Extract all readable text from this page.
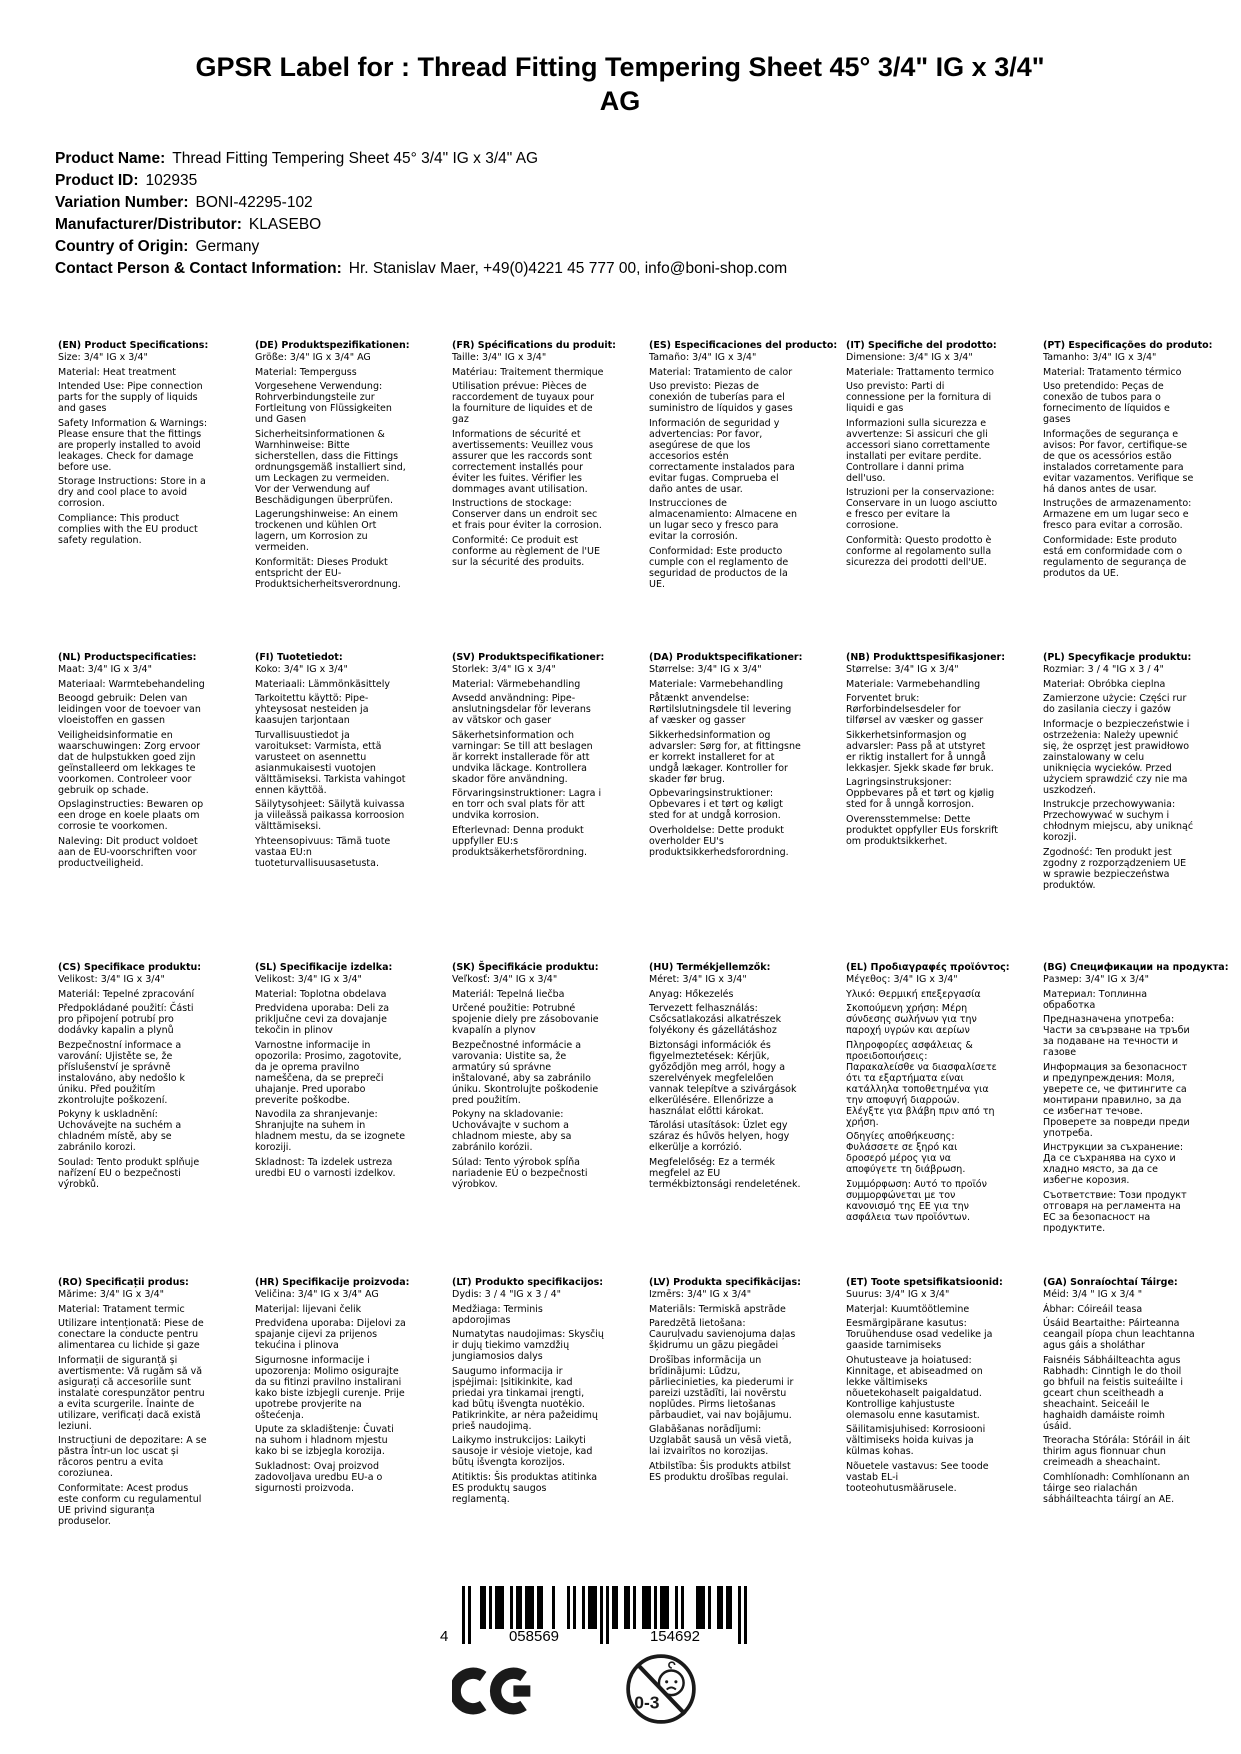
GPSR Label for : Thread Fitting Tempering Sheet 45° 3/4" IG x 3/4"
AG
Product Name: Thread Fitting Tempering Sheet 45° 3/4" IG x 3/4" AG
Product ID: 102935
Variation Number: BONI-42295-102
Manufacturer/Distributor: KLASEBO
Country of Origin: Germany
Contact Person & Contact Information: Hr. Stanislav Maer, +49(0)4221 45 777 00, info@boni-shop.com
(EN) Product Specifications:

Size: 3/4" IG x 3/4"

Material: Heat treatment

Intended Use: Pipe connection parts for the supply of liquids and gases

Safety Information & Warnings: Please ensure that the fittings are properly installed to avoid leakages. Check for damage before use.

Storage Instructions: Store in a dry and cool place to avoid corrosion.

Compliance: This product complies with the EU product safety regulation.

(DE) Produktspezifikationen:

Größe: 3/4" IG x 3/4" AG

Material: Temperguss

Vorgesehene Verwendung: Rohrverbindungsteile zur Fortleitung von Flüssigkeiten und Gasen

Sicherheitsinformationen & Warnhinweise: Bitte sicherstellen, dass die Fittings ordnungsgemäß installiert sind, um Leckagen zu vermeiden. Vor der Verwendung auf Beschädigungen überprüfen.

Lagerungshinweise: An einem trockenen und kühlen Ort lagern, um Korrosion zu vermeiden.

Konformität: Dieses Produkt entspricht der EU-Produktsicherheitsverordnung.

(FR) Spécifications du produit:

Taille: 3/4" IG x 3/4"

Matériau: Traitement thermique

Utilisation prévue: Pièces de raccordement de tuyaux pour la fourniture de liquides et de gaz

Informations de sécurité et avertissements: Veuillez vous assurer que les raccords sont correctement installés pour éviter les fuites. Vérifier les dommages avant utilisation.

Instructions de stockage: Conserver dans un endroit sec et frais pour éviter la corrosion.

Conformité: Ce produit est conforme au règlement de l'UE sur la sécurité des produits.

(ES) Especificaciones del producto:

Tamaño: 3/4" IG x 3/4"

Material: Tratamiento de calor

Uso previsto: Piezas de conexión de tuberías para el suministro de líquidos y gases

Información de seguridad y advertencias: Por favor, asegúrese de que los accesorios estén correctamente instalados para evitar fugas. Comprueba el daño antes de usar.

Instrucciones de almacenamiento: Almacene en un lugar seco y fresco para evitar la corrosión.

Conformidad: Este producto cumple con el reglamento de seguridad de productos de la UE.

(IT) Specifiche del prodotto:

Dimensione: 3/4" IG x 3/4"

Materiale: Trattamento termico

Uso previsto: Parti di connessione per la fornitura di liquidi e gas

Informazioni sulla sicurezza e avvertenze: Si assicuri che gli accessori siano correttamente installati per evitare perdite. Controllare i danni prima dell'uso.

Istruzioni per la conservazione: Conservare in un luogo asciutto e fresco per evitare la corrosione.

Conformità: Questo prodotto è conforme al regolamento sulla sicurezza dei prodotti dell'UE.

(PT) Especificações do produto:

Tamanho: 3/4" IG x 3/4"

Material: Tratamento térmico

Uso pretendido: Peças de conexão de tubos para o fornecimento de líquidos e gases

Informações de segurança e avisos: Por favor, certifique-se de que os acessórios estão instalados corretamente para evitar vazamentos. Verifique se há danos antes de usar.

Instruções de armazenamento: Armazene em um lugar seco e fresco para evitar a corrosão.

Conformidade: Este produto está em conformidade com o regulamento de segurança de produtos da UE.

(NL) Productspecificaties:

Maat: 3/4" IG x 3/4"

Materiaal: Warmtebehandeling

Beoogd gebruik: Delen van leidingen voor de toevoer van vloeistoffen en gassen

Veiligheidsinformatie en waarschuwingen: Zorg ervoor dat de hulpstukken goed zijn geïnstalleerd om lekkages te voorkomen. Controleer voor gebruik op schade.

Opslaginstructies: Bewaren op een droge en koele plaats om corrosie te voorkomen.

Naleving: Dit product voldoet aan de EU-voorschriften voor productveiligheid.

(FI) Tuotetiedot:

Koko: 3/4" IG x 3/4"

Materiaali: Lämmönkäsittely

Tarkoitettu käyttö: Pipe-yhteysosat nesteiden ja kaasujen tarjontaan

Turvallisuustiedot ja varoitukset: Varmista, että varusteet on asennettu asianmukaisesti vuotojen välttämiseksi. Tarkista vahingot ennen käyttöä.

Säilytysohjeet: Säilytä kuivassa ja viileässä paikassa korroosion välttämiseksi.

Yhteensopivuus: Tämä tuote vastaa EU:n tuoteturvallisuusasetusta.

(SV) Produktspecifikationer:

Storlek: 3/4" IG x 3/4"

Material: Värmebehandling

Avsedd användning: Pipe-anslutningsdelar för leverans av vätskor och gaser

Säkerhetsinformation och varningar: Se till att beslagen är korrekt installerade för att undvika läckage. Kontrollera skador före användning.

Förvaringsinstruktioner: Lagra i en torr och sval plats för att undvika korrosion.

Efterlevnad: Denna produkt uppfyller EU:s produktsäkerhetsförordning.

(DA) Produktspecifikationer:

Størrelse: 3/4" IG x 3/4"

Materiale: Varmebehandling

Påtænkt anvendelse: Rørtilslutningsdele til levering af væsker og gasser

Sikkerhedsinformation og advarsler: Sørg for, at fittingsne er korrekt installeret for at undgå lækager. Kontroller for skader før brug.

Opbevaringsinstruktioner: Opbevares i et tørt og køligt sted for at undgå korrosion.

Overholdelse: Dette produkt overholder EU's produktsikkerhedsforordning.

(NB) Produkttspesifikasjoner:

Størrelse: 3/4" IG x 3/4"

Materiale: Varmebehandling

Forventet bruk: Rørforbindelsesdeler for tilførsel av væsker og gasser

Sikkerhetsinformasjon og advarsler: Pass på at utstyret er riktig installert for å unngå lekkasjer. Sjekk skade før bruk.

Lagringsinstruksjoner: Oppbevares på et tørt og kjølig sted for å unngå korrosjon.

Overensstemmelse: Dette produktet oppfyller EUs forskrift om produktsikkerhet.

(PL) Specyfikacje produktu:

Rozmiar: 3 / 4 "IG x 3 / 4"

Materiał: Obróbka cieplna

Zamierzone użycie: Części rur do zasilania cieczy i gazów

Informacje o bezpieczeństwie i ostrzeżenia: Należy upewnić się, że osprzęt jest prawidłowo zainstalowany w celu uniknięcia wycieków. Przed użyciem sprawdzić czy nie ma uszkodzeń.

Instrukcje przechowywania: Przechowywać w suchym i chłodnym miejscu, aby uniknąć korozji.

Zgodność: Ten produkt jest zgodny z rozporządzeniem UE w sprawie bezpieczeństwa produktów.

(CS) Specifikace produktu:

Velikost: 3/4" IG x 3/4"

Materiál: Tepelné zpracování

Předpokládané použití: Části pro připojení potrubí pro dodávky kapalin a plynů

Bezpečnostní informace a varování: Ujistěte se, že příslušenství je správně instalováno, aby nedošlo k úniku. Před použitím zkontrolujte poškození.

Pokyny k uskladnění: Uchovávejte na suchém a chladném místě, aby se zabránilo korozi.

Soulad: Tento produkt splňuje nařízení EU o bezpečnosti výrobků.

(SL) Specifikacije izdelka:

Velikost: 3/4" IG x 3/4"

Material: Toplotna obdelava

Predvidena uporaba: Deli za priključne cevi za dovajanje tekočin in plinov

Varnostne informacije in opozorila: Prosimo, zagotovite, da je oprema pravilno nameščena, da se prepreči uhajanje. Pred uporabo preverite poškodbe.

Navodila za shranjevanje: Shranjujte na suhem in hladnem mestu, da se izognete koroziji.

Skladnost: Ta izdelek ustreza uredbi EU o varnosti izdelkov.

(SK) Špecifikácie produktu:

Veľkosť: 3/4" IG x 3/4"

Materiál: Tepelná liečba

Určené použitie: Potrubné spojenie diely pre zásobovanie kvapalín a plynov

Bezpečnostné informácie a varovania: Uistite sa, že armatúry sú správne inštalované, aby sa zabránilo úniku. Skontrolujte poškodenie pred použitím.

Pokyny na skladovanie: Uchovávajte v suchom a chladnom mieste, aby sa zabránilo korózii.

Súlad: Tento výrobok spĺňa nariadenie EÚ o bezpečnosti výrobkov.

(HU) Termékjellemzők:

Méret: 3/4" IG x 3/4"

Anyag: Hőkezelés

Tervezett felhasználás: Csőcsatlakozási alkatrészek folyékony és gázellátáshoz

Biztonsági információk és figyelmeztetések: Kérjük, győződjön meg arról, hogy a szerelvények megfelelően vannak telepítve a szivárgások elkerülésére. Ellenőrizze a használat előtti károkat.

Tárolási utasítások: Üzlet egy száraz és hűvös helyen, hogy elkerülje a korrózió.

Megfelelőség: Ez a termék megfelel az EU termékbiztonsági rendeletének.

(EL) Προδιαγραφές προϊόντος:

Μέγεθος: 3/4" IG x 3/4"

Υλικό: Θερμική επεξεργασία

Σκοπούμενη χρήση: Μέρη σύνδεσης σωλήνων για την παροχή υγρών και αερίων

Πληροφορίες ασφάλειας & προειδοποιήσεις: Παρακαλείσθε να διασφαλίσετε ότι τα εξαρτήματα είναι κατάλληλα τοποθετημένα για την αποφυγή διαρροών. Ελέγξτε για βλάβη πριν από τη χρήση.

Οδηγίες αποθήκευσης: Φυλάσσετε σε ξηρό και δροσερό μέρος για να αποφύγετε τη διάβρωση.

Συμμόρφωση: Αυτό το προϊόν συμμορφώνεται με τον κανονισμό της ΕΕ για την ασφάλεια των προϊόντων.

(BG) Спецификации на продукта:

Размер: 3/4" IG x 3/4"

Материал: Топлинна обработка

Предназначена употреба: Части за свързване на тръби за подаване на течности и газове

Информация за безопасност и предупреждения: Моля, уверете се, че фитингите са монтирани правилно, за да се избегнат течове. Проверете за повреди преди употреба.

Инструкции за съхранение: Да се съхранява на сухо и хладно място, за да се избегне корозия.

Съответствие: Този продукт отговаря на регламента на ЕС за безопасност на продуктите.

(RO) Specificații produs:

Mărime: 3/4" IG x 3/4"

Material: Tratament termic

Utilizare intenționată: Piese de conectare la conducte pentru alimentarea cu lichide și gaze

Informații de siguranță și avertismente: Vă rugăm să vă asigurați că accesoriile sunt instalate corespunzător pentru a evita scurgerile. Înainte de utilizare, verificați dacă există leziuni.

Instrucțiuni de depozitare: A se păstra într-un loc uscat și răcoros pentru a evita coroziunea.

Conformitate: Acest produs este conform cu regulamentul UE privind siguranța produselor.

(HR) Specifikacije proizvoda:

Veličina: 3/4" IG x 3/4" AG

Materijal: lijevani čelik

Predviđena uporaba: Dijelovi za spajanje cijevi za prijenos tekućina i plinova

Sigurnosne informacije i upozorenja: Molimo osigurajte da su fitinzi pravilno instalirani kako biste izbjegli curenje. Prije upotrebe provjerite na oštećenja.

Upute za skladištenje: Čuvati na suhom i hladnom mjestu kako bi se izbjegla korozija.

Sukladnost: Ovaj proizvod zadovoljava uredbu EU-a o sigurnosti proizvoda.

(LT) Produkto specifikacijos:

Dydis: 3 / 4 "IG x 3 / 4"

Medžiaga: Terminis apdorojimas

Numatytas naudojimas: Skysčių ir dujų tiekimo vamzdžių jungiamosios dalys

Saugumo informacija ir įspėjimai: Įsitikinkite, kad priedai yra tinkamai įrengti, kad būtų išvengta nuotėkio. Patikrinkite, ar nėra pažeidimų prieš naudojimą.

Laikymo instrukcijos: Laikyti sausoje ir vėsioje vietoje, kad būtų išvengta korozijos.

Atitiktis: Šis produktas atitinka ES produktų saugos reglamentą.

(LV) Produkta specifikācijas:

Izmērs: 3/4" IG x 3/4"

Materiāls: Termiskā apstrāde

Paredzētā lietošana: Cauruļvadu savienojuma daļas šķidrumu un gāzu piegādei

Drošības informācija un brīdinājumi: Lūdzu, pārliecinieties, ka piederumi ir pareizi uzstādīti, lai novērstu noplūdes. Pirms lietošanas pārbaudiet, vai nav bojājumu.

Glabāšanas norādījumi: Uzglabāt sausā un vēsā vietā, lai izvairītos no korozijas.

Atbilstība: Šis produkts atbilst ES produktu drošības regulai.

(ET) Toote spetsifikatsioonid:

Suurus: 3/4" IG x 3/4"

Materjal: Kuumtöötlemine

Eesmärgipärane kasutus: Toruühenduse osad vedelike ja gaaside tarnimiseks

Ohutusteave ja hoiatused: Kinnitage, et abiseadmed on lekke vältimiseks nõuetekohaselt paigaldatud. Kontrollige kahjustuste olemasolu enne kasutamist.

Säilitamisjuhised: Korrosiooni vältimiseks hoida kuivas ja külmas kohas.

Nõuetele vastavus: See toode vastab EL-i tooteohutusmäärusele.

(GA) Sonraíochtaí Táirge:

Méid: 3/4 " IG x 3/4 "

Ábhar: Cóireáil teasa

Úsáid Beartaithe: Páirteanna ceangail píopa chun leachtanna agus gáis a sholáthar

Faisnéis Sábháilteachta agus Rabhadh: Cinntigh le do thoil go bhfuil na feistis suiteáilte i gceart chun sceitheadh a sheachaint. Seiceáil le haghaidh damáiste roimh úsáid.

Treoracha Stórála: Stóráil in áit thirim agus fionnuar chun creimeadh a sheachaint.

Comhlíonadh: Comhlíonann an táirge seo rialachán sábháilteachta táirgí an AE.

4	058569	154692
0-3
